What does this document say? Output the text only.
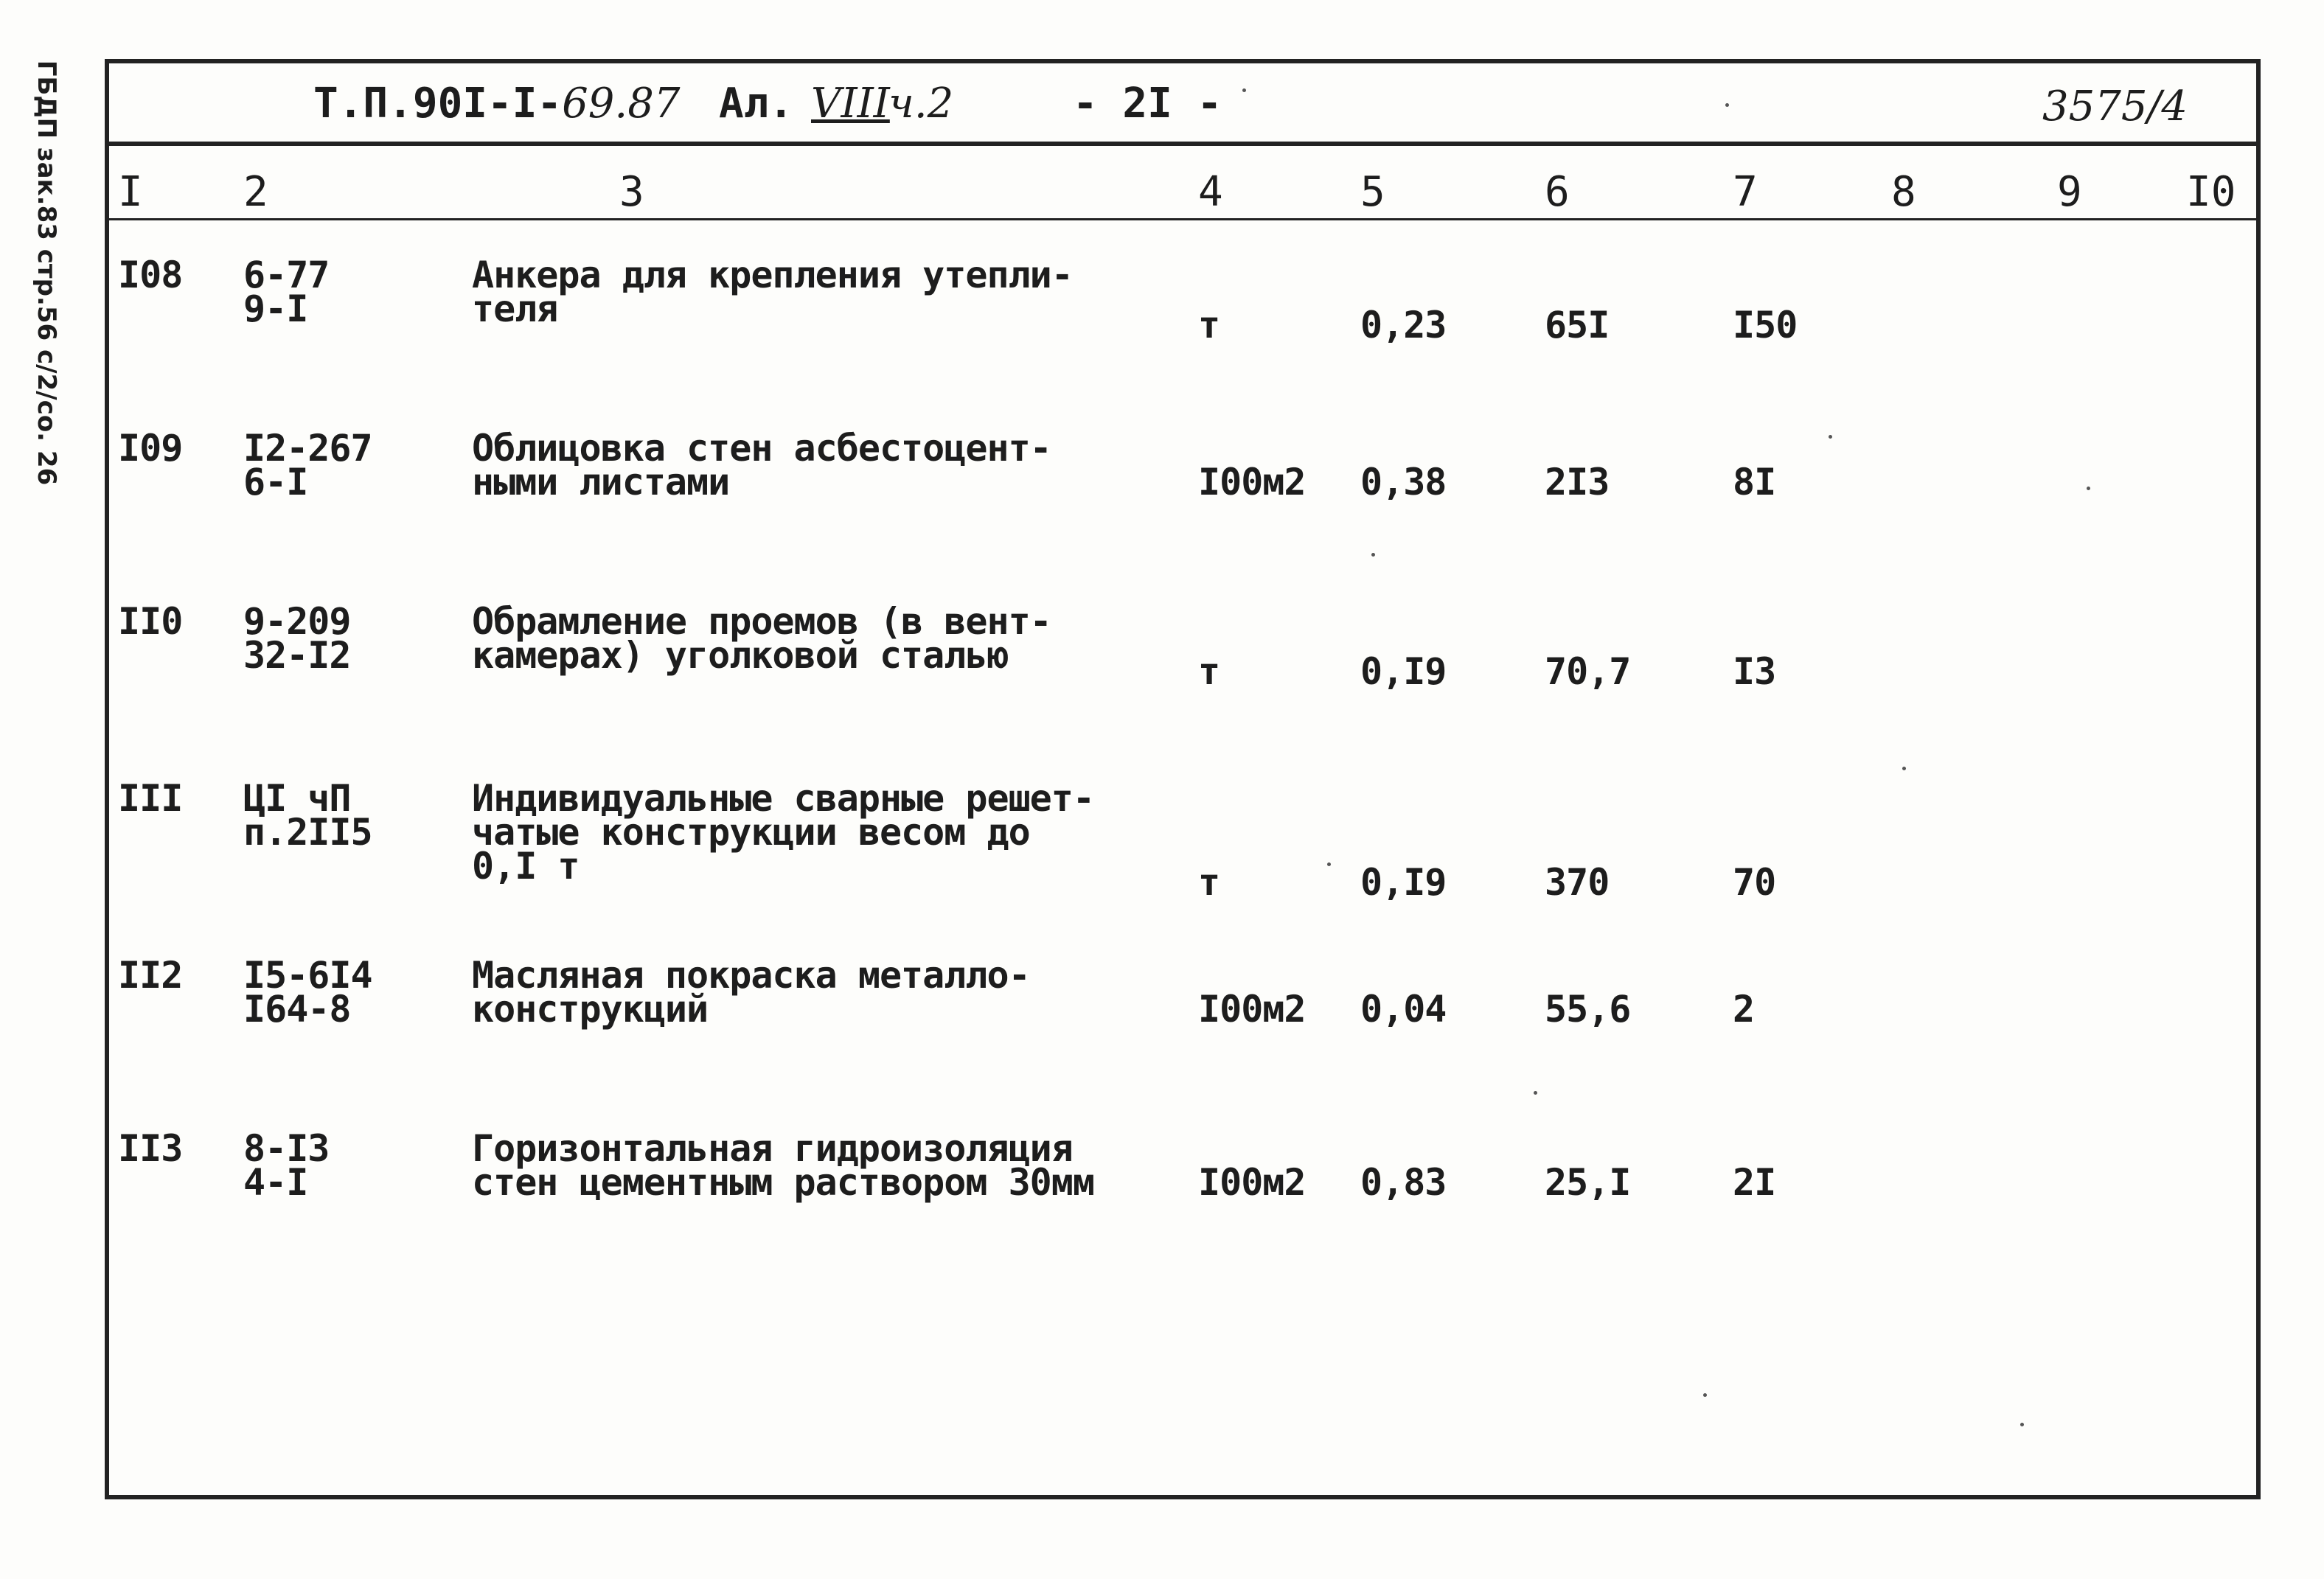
ГБДП зак.83 стр.56 с/2/со. 26	Т.П.90I-I-69.87 Ал. VIII
ч.2	- 2I -	3575/4
I 2	3	4	5	6	7	8	9	I0
I08 6-77
9-I
Анкера для крепления утепли-
теля	т	0,23	65I	I50
I09 I2-267
6-I
Облицовка стен асбестоцент-
ными листами	I00м2 0,38	2I3	8I
II0 9-209
32-I2
Обрамление проемов (в вент-
камерах) уголковой сталью	т	0,I9	70,7	I3
III ЦI чП
п.2II5
Индивидуальные сварные решет-
чатые конструкции весом до
0,I т	т	0,I9	370	70
II2 I5-6I4
I64-8
Масляная покраска металло-
конструкций	I00м2 0,04	55,6	2
II3 8-I3
4-I
Горизонтальная гидроизоляция
стен цементным раствором 30мм	I00м2 0,83	25,I	2I
